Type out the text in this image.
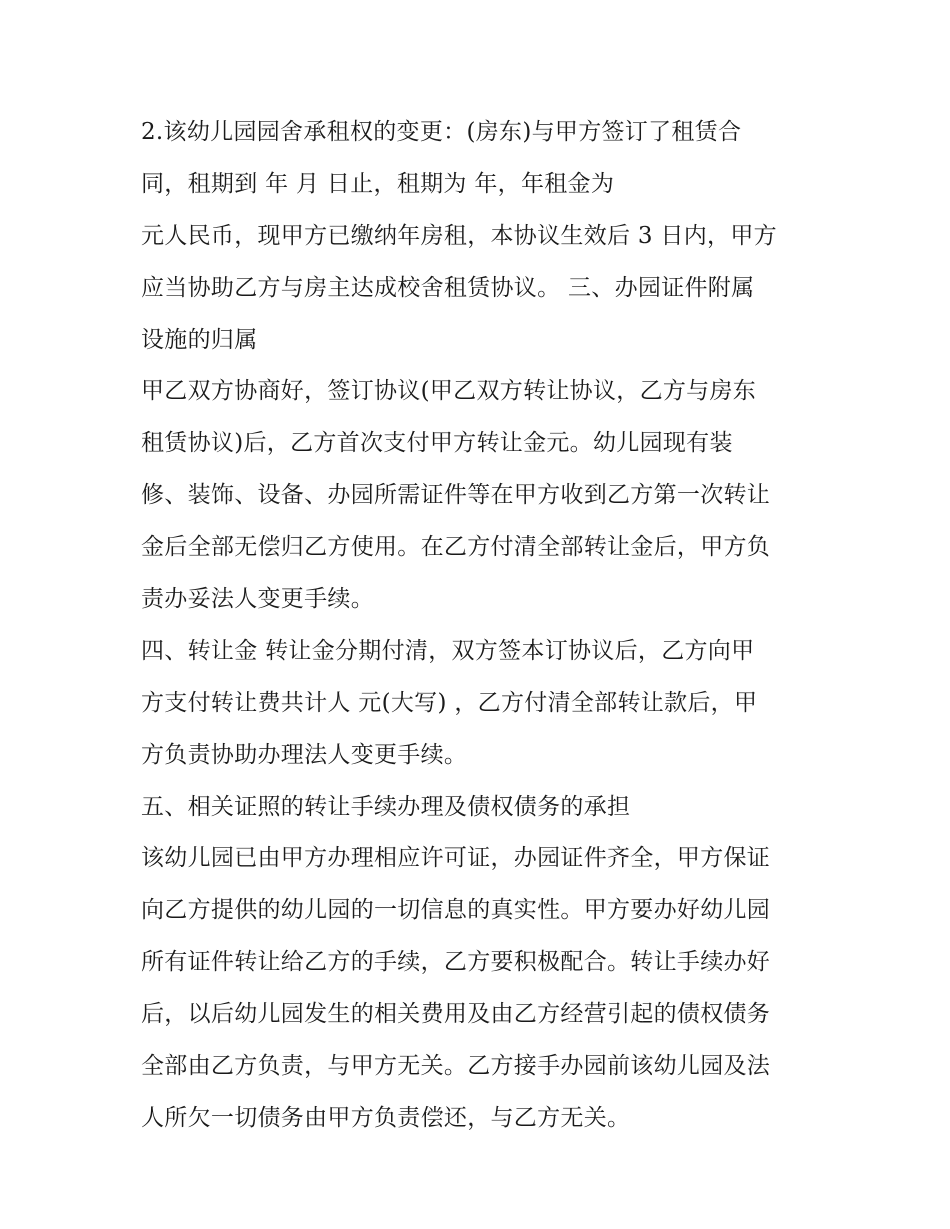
2.该幼儿园园舍承租权的变更：(房东)与甲方签订了租赁合
同，租期到 年 月 日止，租期为 年，年租金为
元人民币，现甲方已缴纳年房租，本协议生效后 3 日内，甲方
应当协助乙方与房主达成校舍租赁协议。 三、办园证件附属
设施的归属
甲乙双方协商好，签订协议(甲乙双方转让协议，乙方与房东
租赁协议)后，乙方首次支付甲方转让金元。幼儿园现有装
修、装饰、设备、办园所需证件等在甲方收到乙方第一次转让
金后全部无偿归乙方使用。在乙方付清全部转让金后，甲方负
责办妥法人变更手续。
四、转让金 转让金分期付清，双方签本订协议后，乙方向甲
方支付转让费共计人 元(大写) ，乙方付清全部转让款后，甲
方负责协助办理法人变更手续。
五、相关证照的转让手续办理及债权债务的承担
该幼儿园已由甲方办理相应许可证，办园证件齐全，甲方保证
向乙方提供的幼儿园的一切信息的真实性。甲方要办好幼儿园
所有证件转让给乙方的手续，乙方要积极配合。转让手续办好
后，以后幼儿园发生的相关费用及由乙方经营引起的债权债务
全部由乙方负责，与甲方无关。乙方接手办园前该幼儿园及法
人所欠一切债务由甲方负责偿还，与乙方无关。
